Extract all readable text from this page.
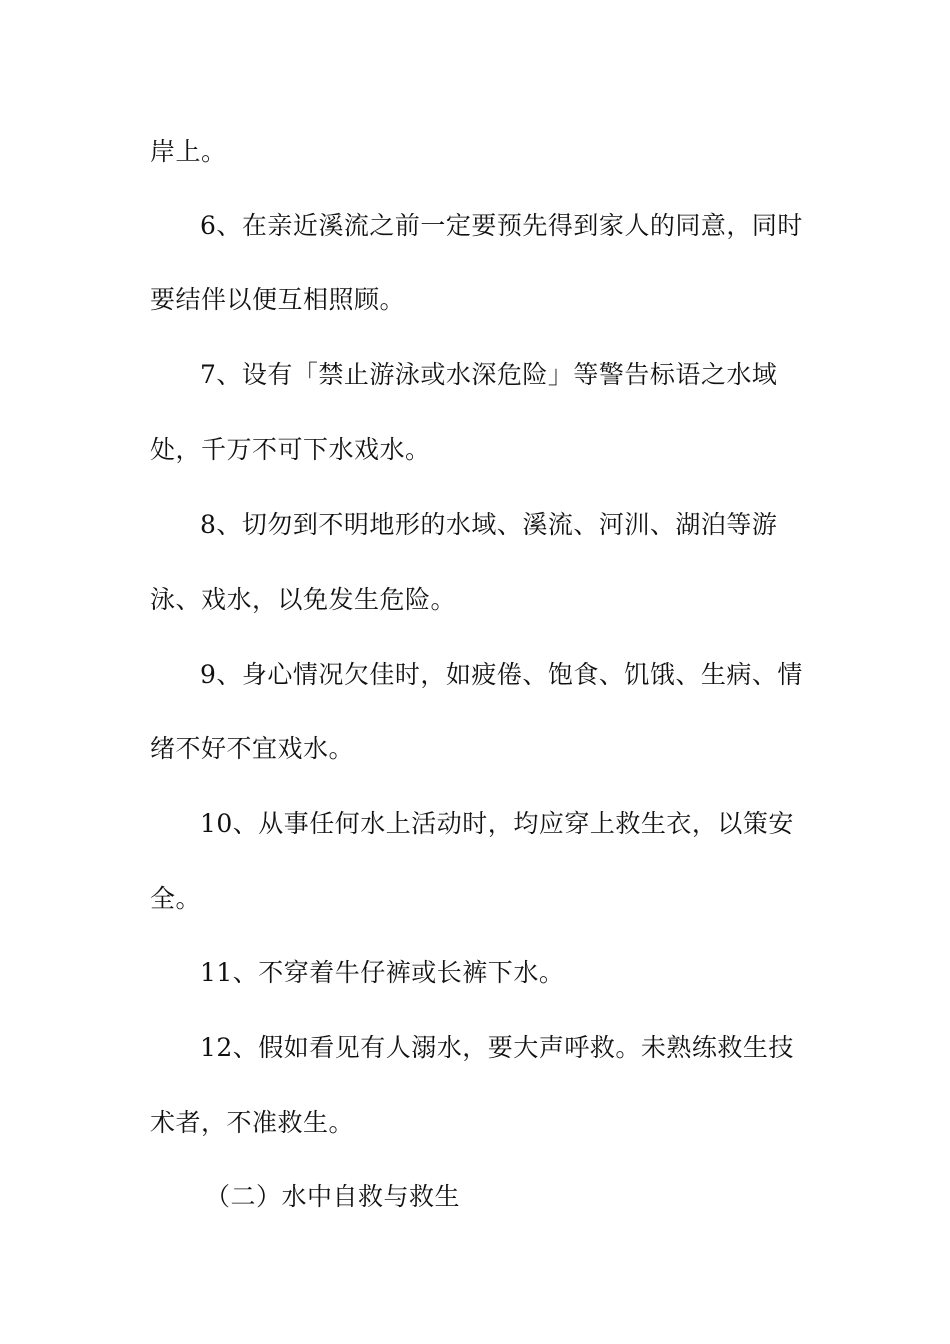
岸上。
6、在亲近溪流之前一定要预先得到家人的同意，同时
要结伴以便互相照顾。
7、设有「禁止游泳或水深危险」等警告标语之水域
处，千万不可下水戏水。
8、切勿到不明地形的水域、溪流、河汌、湖泊等游
泳、戏水，以免发生危险。
9、身心情况欠佳时，如疲倦、饱食、饥饿、生病、情
绪不好不宜戏水。
10、从事任何水上活动时，均应穿上救生衣，以策安
全。
11、不穿着牛仔裤或长裤下水。
12、假如看见有人溺水，要大声呼救。未熟练救生技
术者，不准救生。
（二）水中自救与救生
